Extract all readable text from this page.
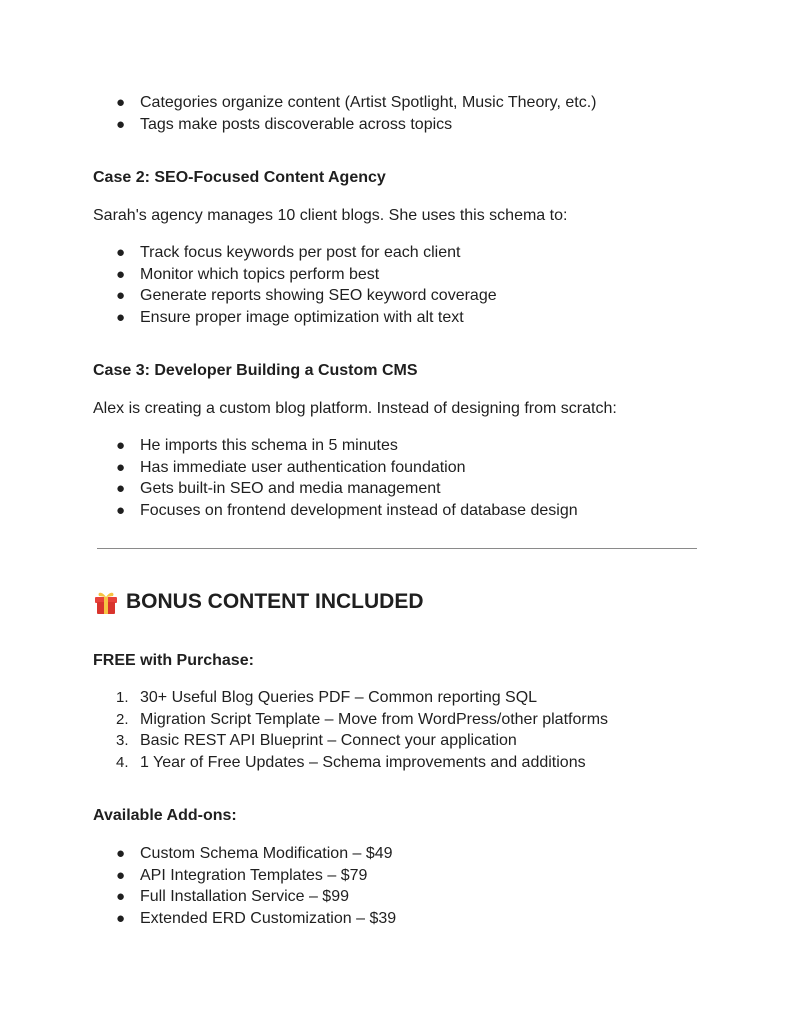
● Categories organize content (Artist Spotlight, Music Theory, etc.)
● Tags make posts discoverable across topics
Case 2: SEO-Focused Content Agency
Sarah's agency manages 10 client blogs. She uses this schema to:
● Track focus keywords per post for each client
● Monitor which topics perform best
● Generate reports showing SEO keyword coverage
● Ensure proper image optimization with alt text
Case 3: Developer Building a Custom CMS
Alex is creating a custom blog platform. Instead of designing from scratch:
● He imports this schema in 5 minutes
● Has immediate user authentication foundation
● Gets built-in SEO and media management
● Focuses on frontend development instead of database design
BONUS CONTENT INCLUDED
FREE with Purchase:
1. 30+ Useful Blog Queries PDF – Common reporting SQL
2. Migration Script Template – Move from WordPress/other platforms
3. Basic REST API Blueprint – Connect your application
4. 1 Year of Free Updates – Schema improvements and additions
Available Add-ons:
● Custom Schema Modification – $49
● API Integration Templates – $79
● Full Installation Service – $99
● Extended ERD Customization – $39
